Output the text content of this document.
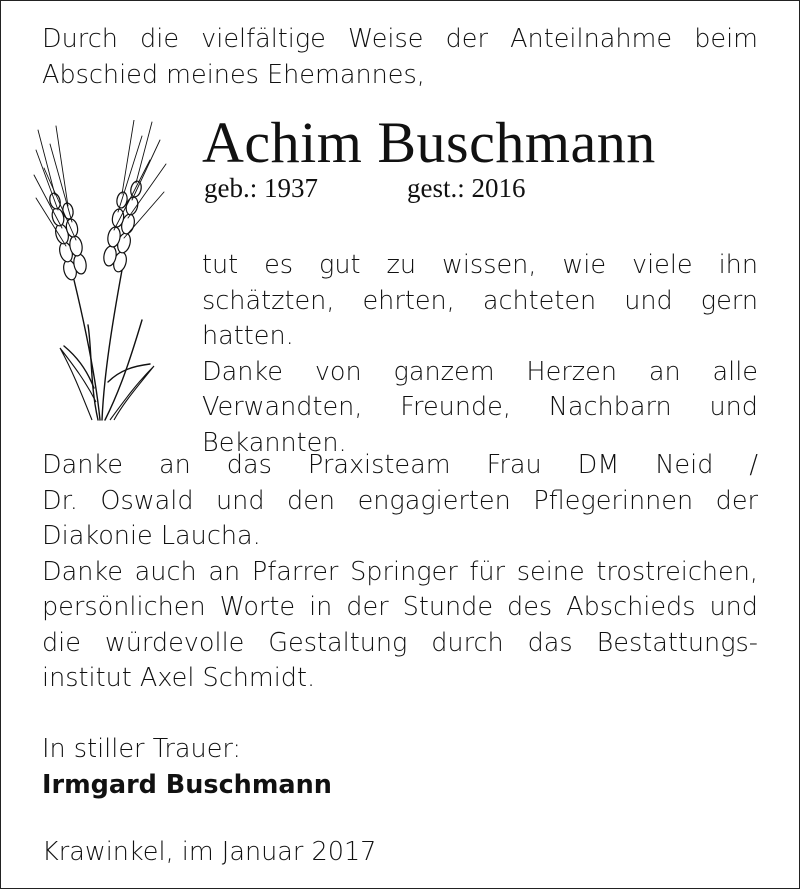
Durch die vielfältige Weise der Anteilnahme beim
Abschied meines Ehemannes,
Achim Buschmann
geb.: 1937	gest.: 2016
tut es gut zu wissen, wie viele ihn
schätzten, ehrten, achteten und gern hatten.
Danke von ganzem Herzen an alle
Verwandten, Freunde, Nachbarn und
Bekannten.
Danke an das Praxisteam Frau DM Neid /
Dr. Oswald und den engagierten Pflegerinnen der
Diakonie Laucha.
Danke auch an Pfarrer Springer für seine trostreichen,
persönlichen Worte in der Stunde des Abschieds und
die würdevolle Gestaltung durch das Bestattungs-
institut Axel Schmidt.
In stiller Trauer:
Irmgard Buschmann
Krawinkel, im Januar 2017
